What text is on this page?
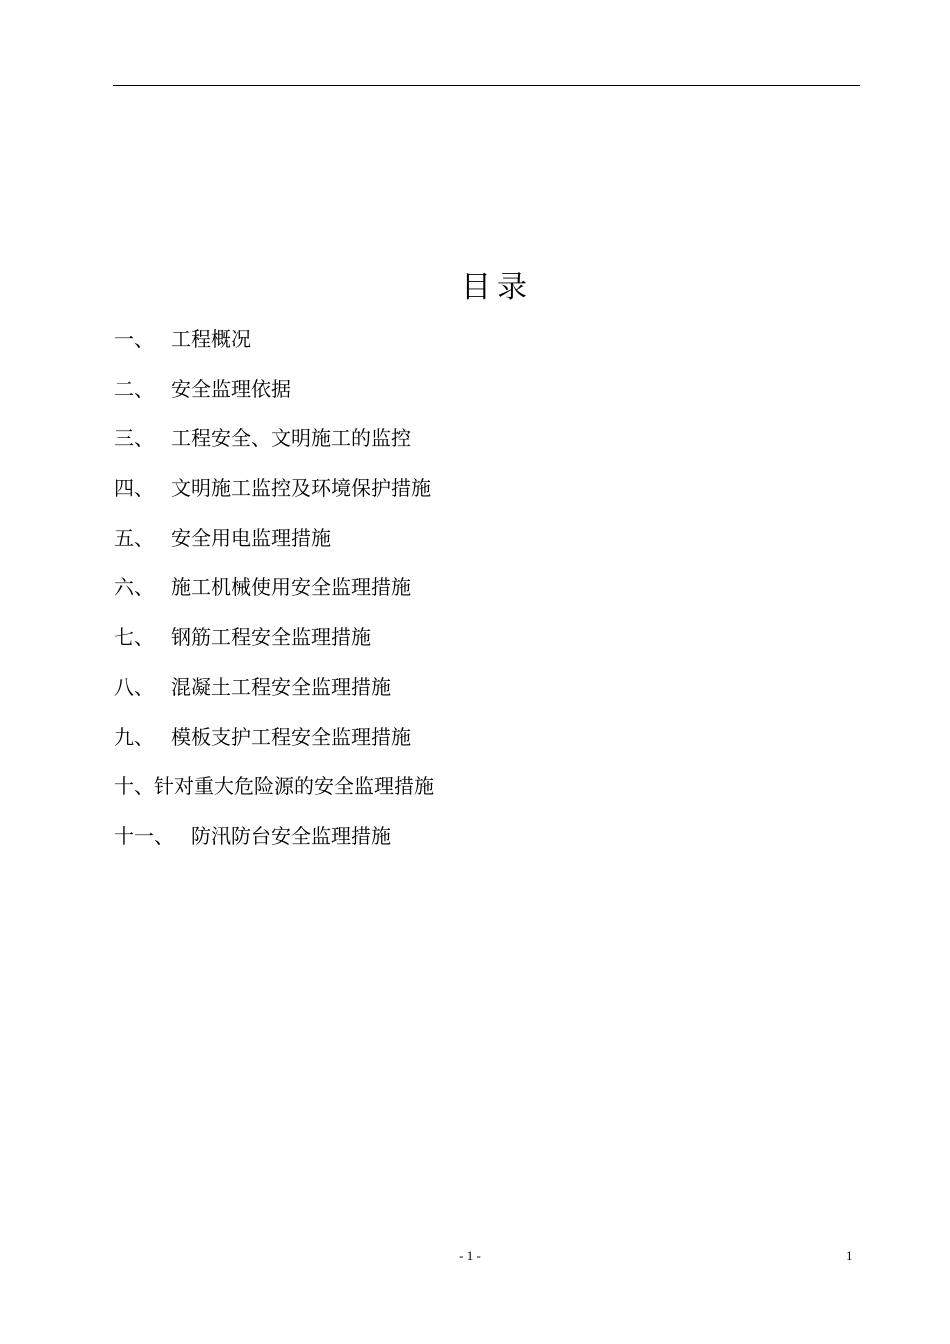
目录
一、 工程概况
二、 安全监理依据
三、 工程安全、文明施工的监控
四、 文明施工监控及环境保护措施
五、 安全用电监理措施
六、 施工机械使用安全监理措施
七、 钢筋工程安全监理措施
八、 混凝土工程安全监理措施
九、 模板支护工程安全监理措施
十、针对重大危险源的安全监理措施
十一、 防汛防台安全监理措施
- 1 -	1
